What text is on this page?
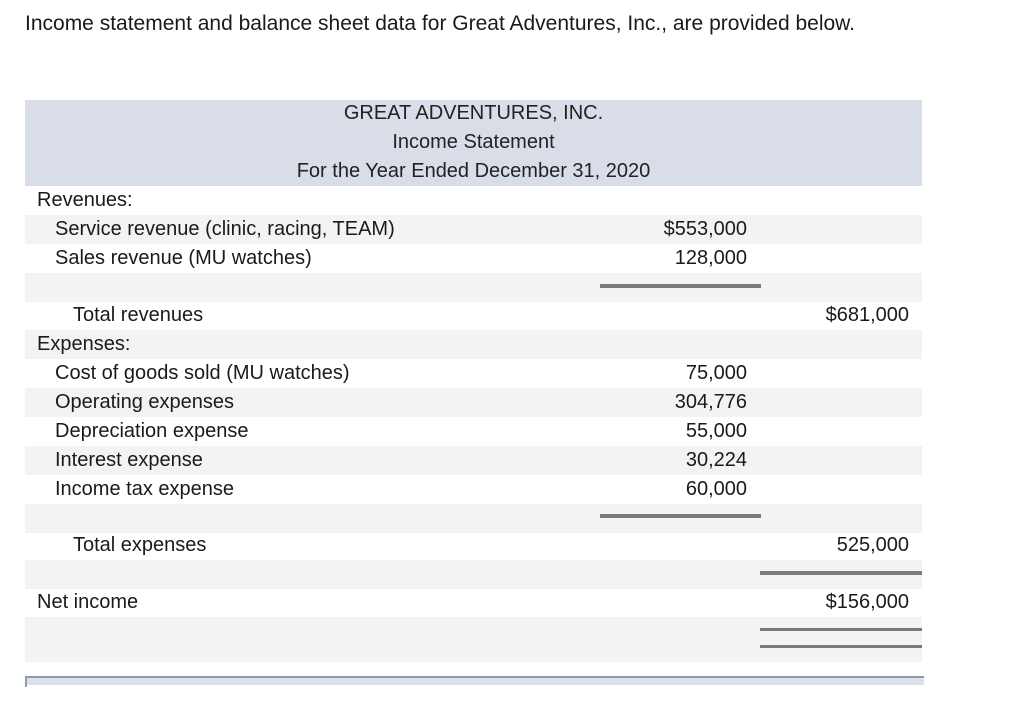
Income statement and balance sheet data for Great Adventures, Inc., are provided below.
GREAT ADVENTURES, INC.
Income Statement
For the Year Ended December 31, 2020
Revenues:
Service revenue (clinic, racing, TEAM)	$553,000
Sales revenue (MU watches)	128,000
Total revenues	$681,000
Expenses:
Cost of goods sold (MU watches)	75,000
Operating expenses	304,776
Depreciation expense	55,000
Interest expense	30,224
Income tax expense	60,000
Total expenses	525,000
Net income	$156,000
